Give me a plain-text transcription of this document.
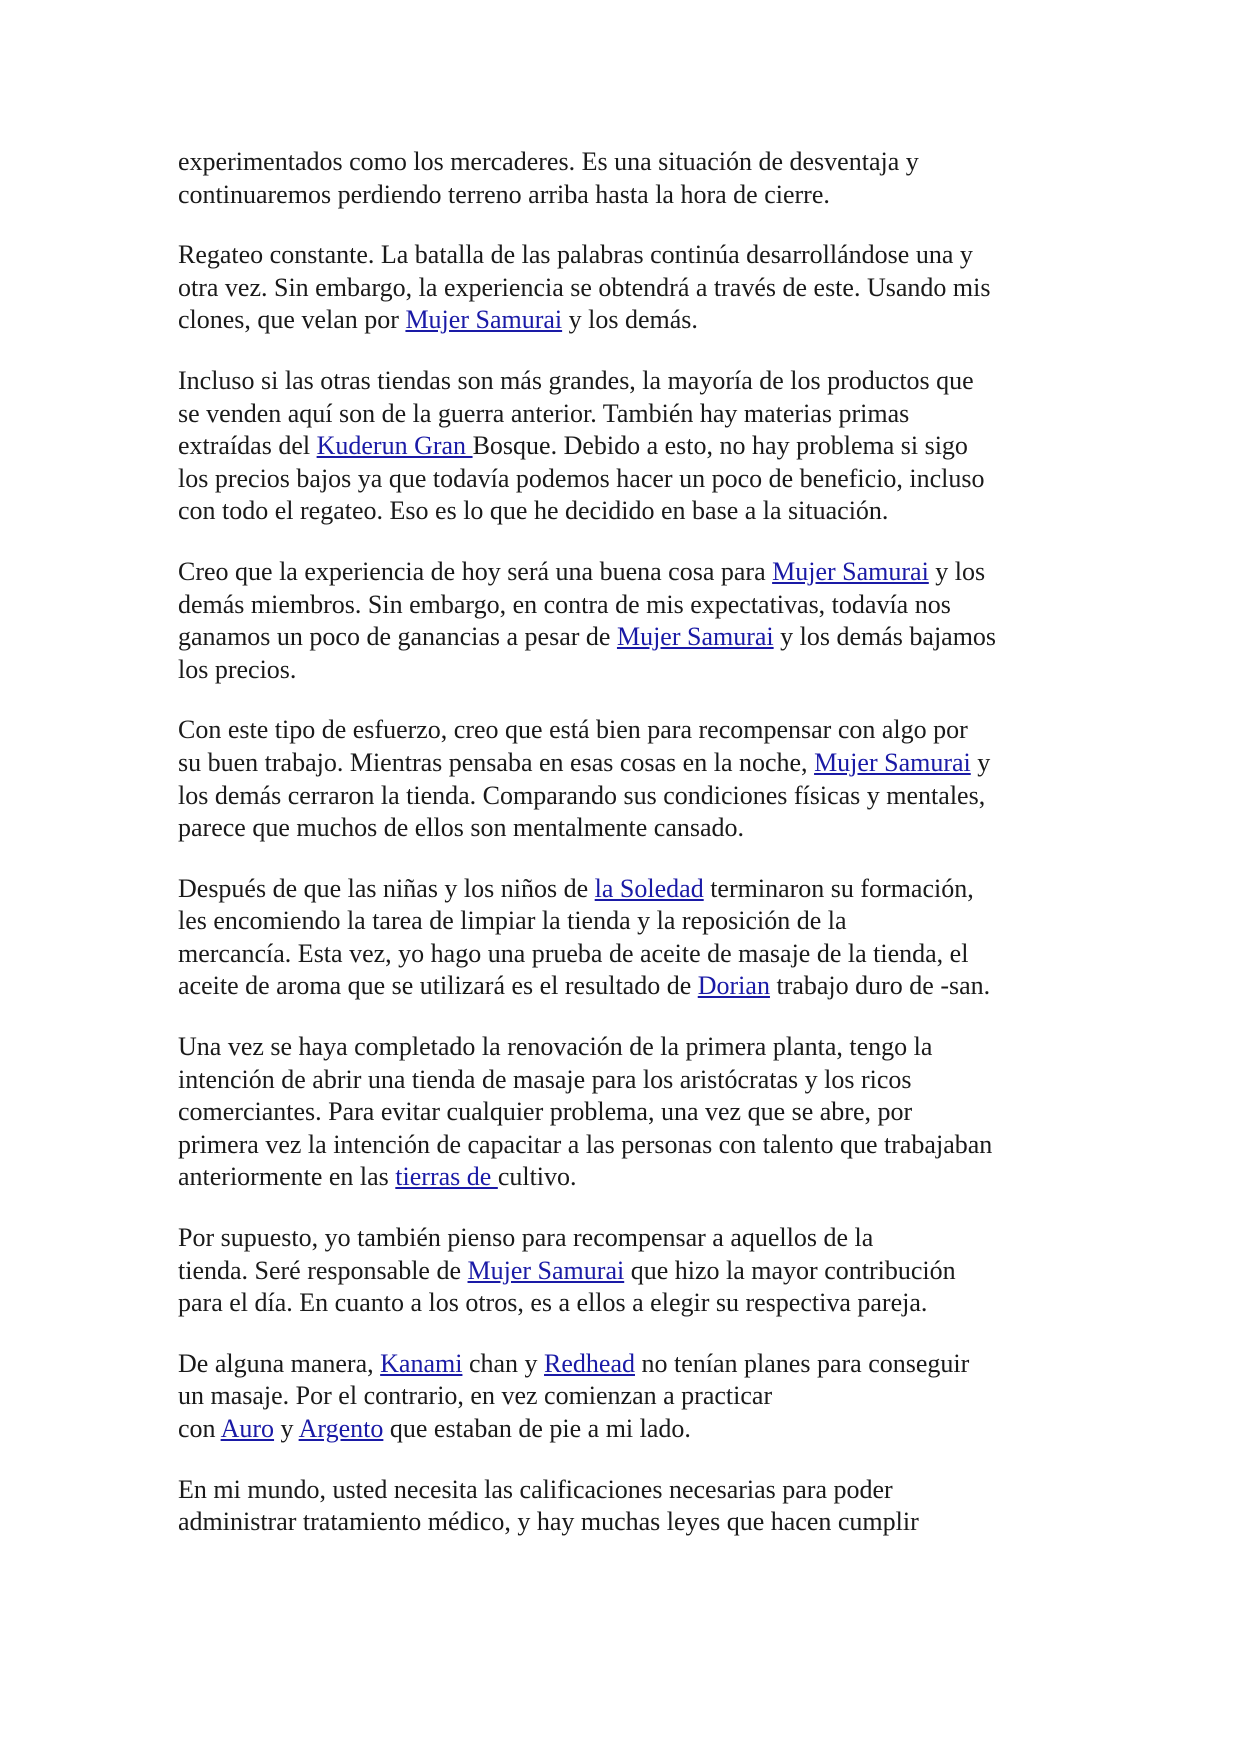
experimentados como los mercaderes. Es una situación de desventaja y
continuaremos perdiendo terreno arriba hasta la hora de cierre.

Regateo constante. La batalla de las palabras continúa desarrollándose una y
otra vez. Sin embargo, la experiencia se obtendrá a través de este. Usando mis
clones, que velan por Mujer Samurai y los demás.

Incluso si las otras tiendas son más grandes, la mayoría de los productos que
se venden aquí son de la guerra anterior. También hay materias primas
extraídas del Kuderun Gran Bosque. Debido a esto, no hay problema si sigo
los precios bajos ya que todavía podemos hacer un poco de beneficio, incluso
con todo el regateo. Eso es lo que he decidido en base a la situación.

Creo que la experiencia de hoy será una buena cosa para Mujer Samurai y los
demás miembros. Sin embargo, en contra de mis expectativas, todavía nos
ganamos un poco de ganancias a pesar de Mujer Samurai y los demás bajamos
los precios.

Con este tipo de esfuerzo, creo que está bien para recompensar con algo por
su buen trabajo. Mientras pensaba en esas cosas en la noche, Mujer Samurai y
los demás cerraron la tienda. Comparando sus condiciones físicas y mentales,
parece que muchos de ellos son mentalmente cansado.

Después de que las niñas y los niños de la Soledad terminaron su formación,
les encomiendo la tarea de limpiar la tienda y la reposición de la
mercancía. Esta vez, yo hago una prueba de aceite de masaje de la tienda, el
aceite de aroma que se utilizará es el resultado de Dorian trabajo duro de -san.

Una vez se haya completado la renovación de la primera planta, tengo la
intención de abrir una tienda de masaje para los aristócratas y los ricos
comerciantes. Para evitar cualquier problema, una vez que se abre, por
primera vez la intención de capacitar a las personas con talento que trabajaban
anteriormente en las tierras de cultivo.

Por supuesto, yo también pienso para recompensar a aquellos de la
tienda. Seré responsable de Mujer Samurai que hizo la mayor contribución
para el día. En cuanto a los otros, es a ellos a elegir su respectiva pareja.

De alguna manera, Kanami chan y Redhead no tenían planes para conseguir
un masaje. Por el contrario, en vez comienzan a practicar
con Auro y Argento que estaban de pie a mi lado.

En mi mundo, usted necesita las calificaciones necesarias para poder
administrar tratamiento médico, y hay muchas leyes que hacen cumplir
